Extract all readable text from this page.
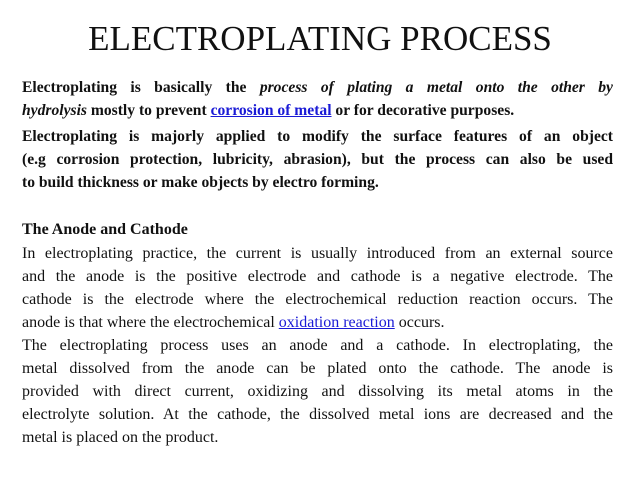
ELECTROPLATING PROCESS
Electroplating is basically the process of plating a metal onto the other by
hydrolysis mostly to prevent corrosion of metal or for decorative purposes.
Electroplating is majorly applied to modify the surface features of an object
(e.g corrosion protection, lubricity, abrasion), but the process can also be used
to build thickness or make objects by electro forming.
The Anode and Cathode
In electroplating practice, the current is usually introduced from an external source
and the anode is the positive electrode and cathode is a negative electrode. The
cathode is the electrode where the electrochemical reduction reaction occurs. The
anode is that where the electrochemical oxidation reaction occurs.
The electroplating process uses an anode and a cathode. In electroplating, the
metal dissolved from the anode can be plated onto the cathode. The anode is
provided with direct current, oxidizing and dissolving its metal atoms in the
electrolyte solution. At the cathode, the dissolved metal ions are decreased and the
metal is placed on the product.
